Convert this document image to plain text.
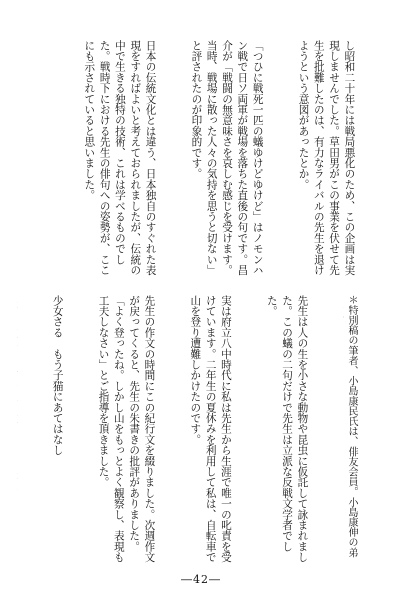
し昭和二十年には戦局悪化のため、この企画は実現しませんでした。草田男がこの事業を伏せて先生を批難したのは、有力なライバルの先生を退けようという意図があったとか。

「つひに戦死一匹の蟻ゆけどゆけど」はノモンハン戦で日ソ両軍が戦場を落ちた直後の句です。昌介が「戦闘の無意味さを哀しむ感じを受けます。当時、戦場に散った人々の気持を思うと切ない」と評されたのが印象的です。

日本の伝統文化とは違う、日本独自のすぐれた表現をすればよいと考えておられましたが、伝統の中で生きる独特の技術、これは学べるものでした。戦時下における先生の俳句への姿勢が、ここにも示されていると思いました。

先生は人の生を小さな動物や昆虫に仮託して詠まれました。この蟻の二句だけで先生は立派な反戦文学者でした。

実は府立八中時代に私は先生から生涯で唯一の叱責を受けています。二年生の夏休みを利用して私は、自転車で山を登り遭難しかけたのです。

先生の作文の時間にこの紀行文を綴りました。次週作文が戻ってくると、先生の朱書きの批評がありました。「よく登ったね。しかし山をもっとよく観察し、表現も工夫しなさい」とご指導を頂きました。

少女さる　もう子猫にあてはなし

	＊特別稿の筆者、小島康民氏は、俳友会員。小島康伸の弟

―42―
